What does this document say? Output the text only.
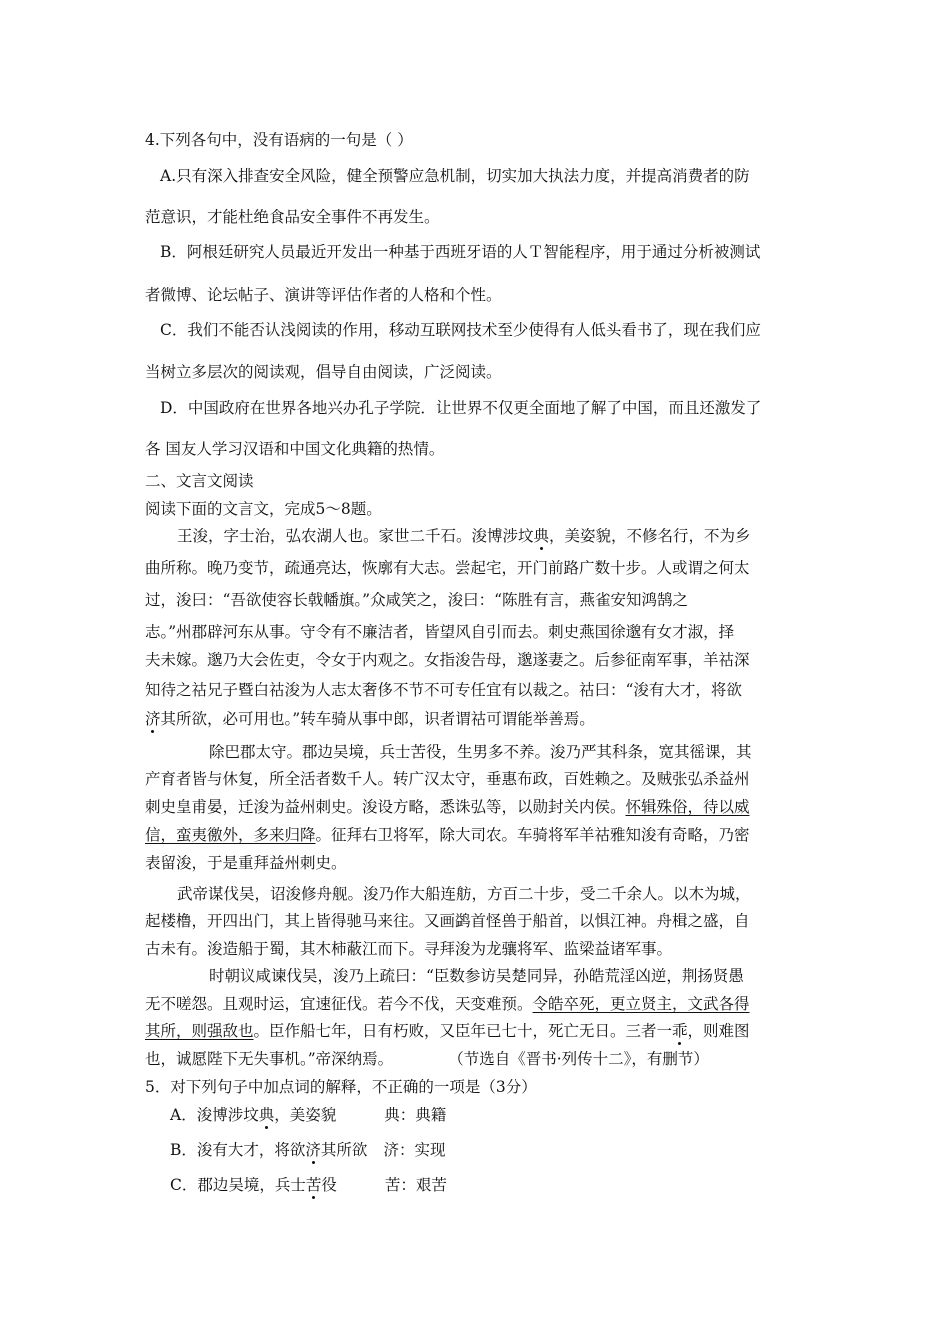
4.下列各句中，没有语病的一句是（ ）
A.只有深入排查安全风险，健全预警应急机制，切实加大执法力度，并提高消费者的防
范意识，才能杜绝食品安全事件不再发生。
B．阿根廷研究人员最近开发出一种基于西班牙语的人Ｔ智能程序，用于通过分析被测试
者微博、论坛帖子、演讲等评估作者的人格和个性。
C．我们不能否认浅阅读的作用，移动互联网技术至少使得有人低头看书了，现在我们应
当树立多层次的阅读观，倡导自由阅读，广泛阅读。
D．中国政府在世界各地兴办孔子学院．让世界不仅更全面地了解了中国，而且还激发了
各 国友人学习汉语和中国文化典籍的热情。
二、文言文阅读
阅读下面的文言文，完成5～8题。
王浚，字士治，弘农湖人也。家世二千石。浚博涉坟典，美姿貌，不修名行，不为乡
曲所称。晚乃变节，疏通亮达，恢廓有大志。尝起宅，开门前路广数十步。人或谓之何太
过，浚曰：“吾欲使容长戟幡旗。”众咸笑之，浚曰：“陈胜有言，燕雀安知鸿鹄之
志。”州郡辟河东从事。守令有不廉洁者，皆望风自引而去。刺史燕国徐邈有女才淑，择
夫未嫁。邈乃大会佐吏，令女于内观之。女指浚告母，邈遂妻之。后参征南军事，羊祜深
知待之祜兄子暨白祜浚为人志太奢侈不节不可专任宜有以裁之。祜曰：“浚有大才，将欲
济其所欲，必可用也。”转车骑从事中郎，识者谓祜可谓能举善焉。
除巴郡太守。郡边吴境，兵士苦役，生男多不养。浚乃严其科条，宽其徭课，其
产育者皆与休复，所全活者数千人。转广汉太守，垂惠布政，百姓赖之。及贼张弘杀益州
刺史皇甫晏，迁浚为益州刺史。浚设方略，悉诛弘等，以勋封关内侯。怀辑殊俗，待以威
信，蛮夷徼外，多来归降。征拜右卫将军，除大司农。车骑将军羊祜雅知浚有奇略，乃密
表留浚，于是重拜益州刺史。
武帝谋伐吴，诏浚修舟舰。浚乃作大船连舫，方百二十步，受二千余人。以木为城，
起楼橹，开四出门，其上皆得驰马来往。又画鹢首怪兽于船首，以惧江神。舟楫之盛，自
古未有。浚造船于蜀，其木柿蔽江而下。寻拜浚为龙骧将军、监梁益诸军事。
时朝议咸谏伐吴，浚乃上疏曰：“臣数参访吴楚同异，孙皓荒淫凶逆，荆扬贤愚
无不嗟怨。且观时运，宜速征伐。若今不伐，天变难预。令皓卒死，更立贤主，文武各得
其所，则强敌也。臣作船七年，日有朽败，又臣年已七十，死亡无日。三者一乖，则难图
也，诚愿陛下无失事机。”帝深纳焉。	（节选自《晋书·列传十二》，有删节）
5．对下列句子中加点词的解释，不正确的一项是（3分）
A．浚博涉坟典，美姿貌	典：典籍
B．浚有大才，将欲济其所欲 济：实现
C．郡边吴境，兵士苦役	苦：艰苦
